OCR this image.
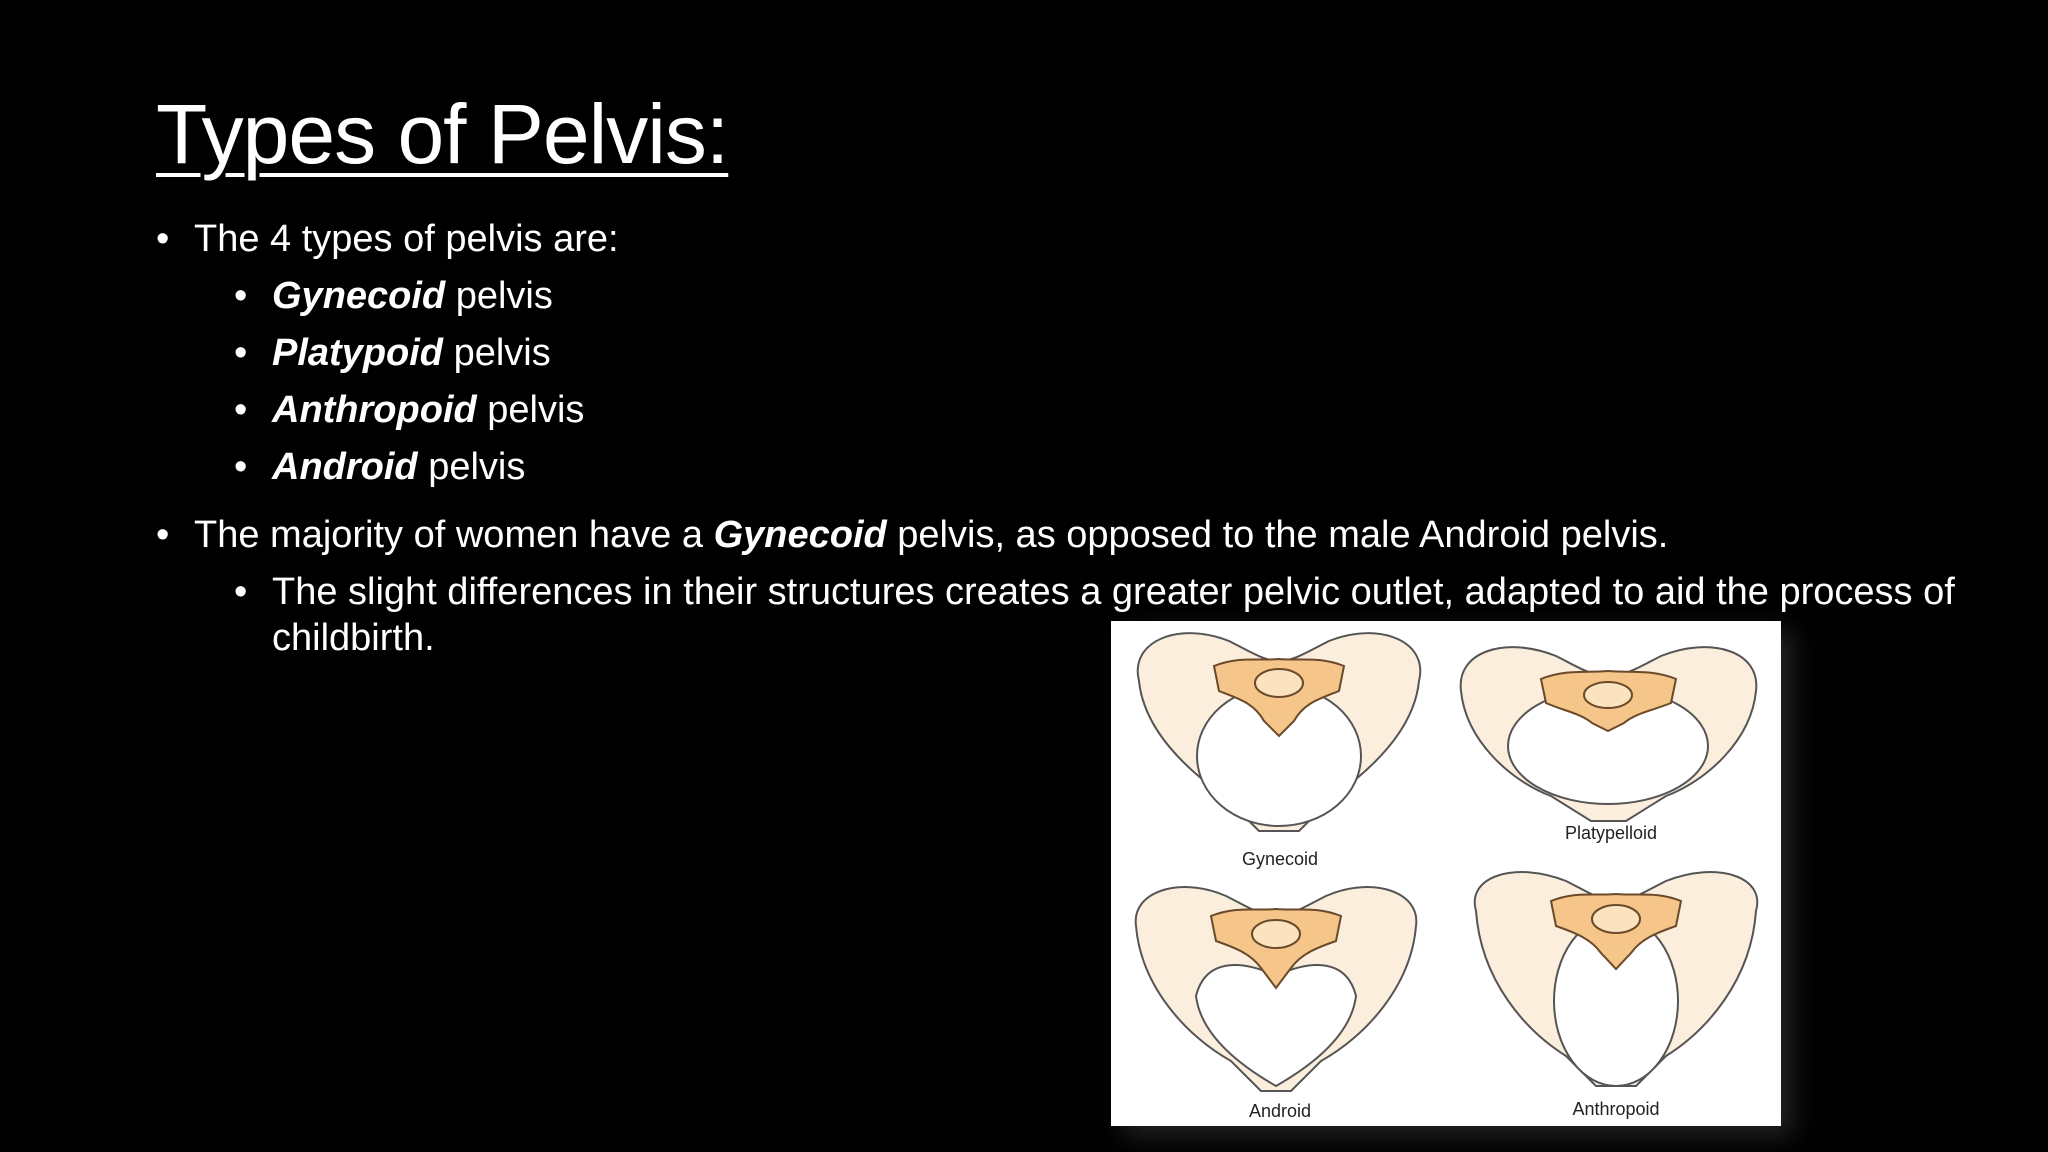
Types of Pelvis:
• The 4 types of pelvis are:
• Gynecoid pelvis
• Platypoid pelvis
• Anthropoid pelvis
• Android pelvis
• The majority of women have a Gynecoid pelvis, as opposed to the male Android pelvis.
• The slight differences in their structures creates a greater pelvic outlet, adapted to aid the process of childbirth.
Gynecoid
Platypelloid
Android	Anthropoid
